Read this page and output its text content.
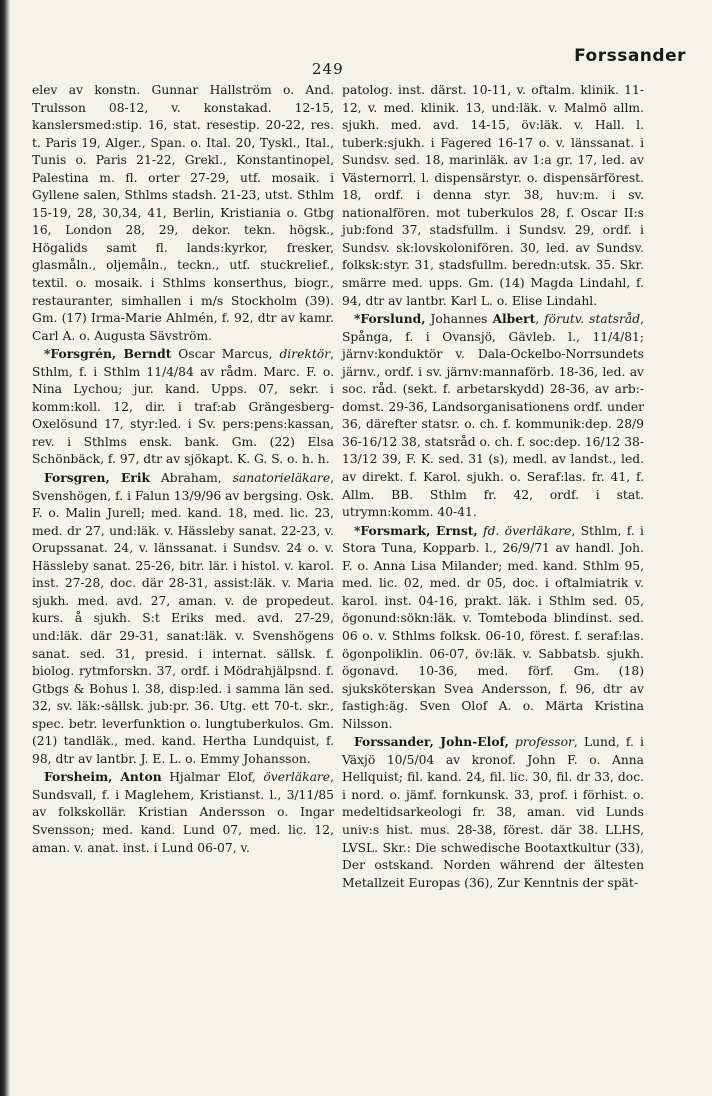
249
Forssander

elev av konstn. Gunnar Hallström o. And. Trulsson 08-12, v. konstakad. 12-15, kanslersmed:stip. 16, stat. resestip. 20-22, res. t. Paris 19, Alger., Span. o. Ital. 20, Tyskl., Ital., Tunis o. Paris 21-22, Grekl., Konstantinopel, Palestina m. fl. orter 27-29, utf. mosaik. i Gyllene salen, Sthlms stadsh. 21-23, utst. Sthlm 15-19, 28, 30,34, 41, Berlin, Kristiania o. Gtbg 16, London 28, 29, dekor. tekn. högsk., Högalids samt fl. lands:kyrkor, fresker, glasmåln., oljemåln., teckn., utf. stuckrelief., textil. o. mosaik. i Sthlms konserthus, biogr., restauranter, simhallen i m/s Stockholm (39). Gm. (17) Irma-Marie Ahlmén, f. 92, dtr av kamr. Carl A. o. Augusta Sävström.

*Forsgrén, Berndt Oscar Marcus, direktör, Sthlm, f. i Sthlm 11/4/84 av rådm. Marc. F. o. Nina Lychou; jur. kand. Upps. 07, sekr. i komm:koll. 12, dir. i traf:ab Grängesberg-Oxelösund 17, styr:led. i Sv. pers:pens:kassan, rev. i Sthlms ensk. bank. Gm. (22) Elsa Schönbäck, f. 97, dtr av sjökapt. K. G. S. o. h. h.

Forsgren, Erik Abraham, sanatorieläkare, Svenshögen, f. i Falun 13/9/96 av bergsing. Osk. F. o. Malin Jurell; med. kand. 18, med. lic. 23, med. dr 27, und:läk. v. Hässleby sanat. 22-23, v. Orupssanat. 24, v. länssanat. i Sundsv. 24 o. v. Hässleby sanat. 25-26, bitr. lär. i histol. v. karol. inst. 27-28, doc. där 28-31, assist:läk. v. Maria sjukh. med. avd. 27, aman. v. de propedeut. kurs. å sjukh. S:t Eriks med. avd. 27-29, und:läk. där 29-31, sanat:läk. v. Svenshögens sanat. sed. 31, presid. i internat. sällsk. f. biolog. rytmforskn. 37, ordf. i Mödrahjälpsnd. f. Gtbgs & Bohus l. 38, disp:led. i samma län sed. 32, sv. läk:-sällsk. jub:pr. 36. Utg. ett 70-t. skr., spec. betr. leverfunktion o. lungtuberkulos. Gm. (21) tandläk., med. kand. Hertha Lundquist, f. 98, dtr av lantbr. J. E. L. o. Emmy Johansson.

Forsheim, Anton Hjalmar Elof, överläkare, Sundsvall, f. i Maglehem, Kristianst. l., 3/11/85 av folkskollär. Kristian Andersson o. Ingar Svensson; med. kand. Lund 07, med. lic. 12, aman. v. anat. inst. i Lund 06-07, v.

patolog. inst. därst. 10-11, v. oftalm. klinik. 11-12, v. med. klinik. 13, und:läk. v. Malmö allm. sjukh. med. avd. 14-15, öv:läk. v. Hall. l. tuberk:sjukh. i Fagered 16-17 o. v. länssanat. i Sundsv. sed. 18, marinläk. av 1:a gr. 17, led. av Västernorrl. l. dispensärstyr. o. dispensärförest. 18, ordf. i denna styr. 38, huv:m. i sv. nationalfören. mot tuberkulos 28, f. Oscar II:s jub:fond 37, stadsfullm. i Sundsv. 29, ordf. i Sundsv. sk:lovskolonifören. 30, led. av Sundsv. folksk:styr. 31, stadsfullm. beredn:utsk. 35. Skr. smärre med. upps. Gm. (14) Magda Lindahl, f. 94, dtr av lantbr. Karl L. o. Elise Lindahl.

*Forslund, Johannes Albert, förutv. statsråd, Spånga, f. i Ovansjö, Gävleb. l., 11/4/81; järnv:konduktör v. Dala-Ockelbo-Norrsundets järnv., ordf. i sv. järnv:mannaförb. 18-36, led. av soc. råd. (sekt. f. arbetarskydd) 28-36, av arb:-domst. 29-36, Landsorganisationens ordf. under 36, därefter statsr. o. ch. f. kommunik:dep. 28/9 36-16/12 38, statsråd o. ch. f. soc:dep. 16/12 38-13/12 39, F. K. sed. 31 (s), medl. av landst., led. av direkt. f. Karol. sjukh. o. Seraf:las. fr. 41, f. Allm. BB. Sthlm fr. 42, ordf. i stat. utrymn:komm. 40-41.

*Forsmark, Ernst, fd. överläkare, Sthlm, f. i Stora Tuna, Kopparb. l., 26/9/71 av handl. Joh. F. o. Anna Lisa Milander; med. kand. Sthlm 95, med. lic. 02, med. dr 05, doc. i oftalmiatrik v. karol. inst. 04-16, prakt. läk. i Sthlm sed. 05, ögonund:sökn:läk. v. Tomteboda blindinst. sed. 06 o. v. Sthlms folksk. 06-10, förest. f. seraf:las. ögonpoliklin. 06-07, öv:läk. v. Sabbatsb. sjukh. ögonavd. 10-36, med. förf. Gm. (18) sjuksköterskan Svea Andersson, f. 96, dtr av fastigh:äg. Sven Olof A. o. Märta Kristina Nilsson.

Forssander, John-Elof, professor, Lund, f. i Växjö 10/5/04 av kronof. John F. o. Anna Hellquist; fil. kand. 24, fil. lic. 30, fil. dr 33, doc. i nord. o. jämf. fornkunsk. 33, prof. i förhist. o. medeltidsarkeologi fr. 38, aman. vid Lunds univ:s hist. mus. 28-38, förest. där 38. LLHS, LVSL. Skr.: Die schwedische Bootaxtkultur (33), Der ostskand. Norden während der ältesten Metallzeit Europas (36), Zur Kenntnis der spät-
